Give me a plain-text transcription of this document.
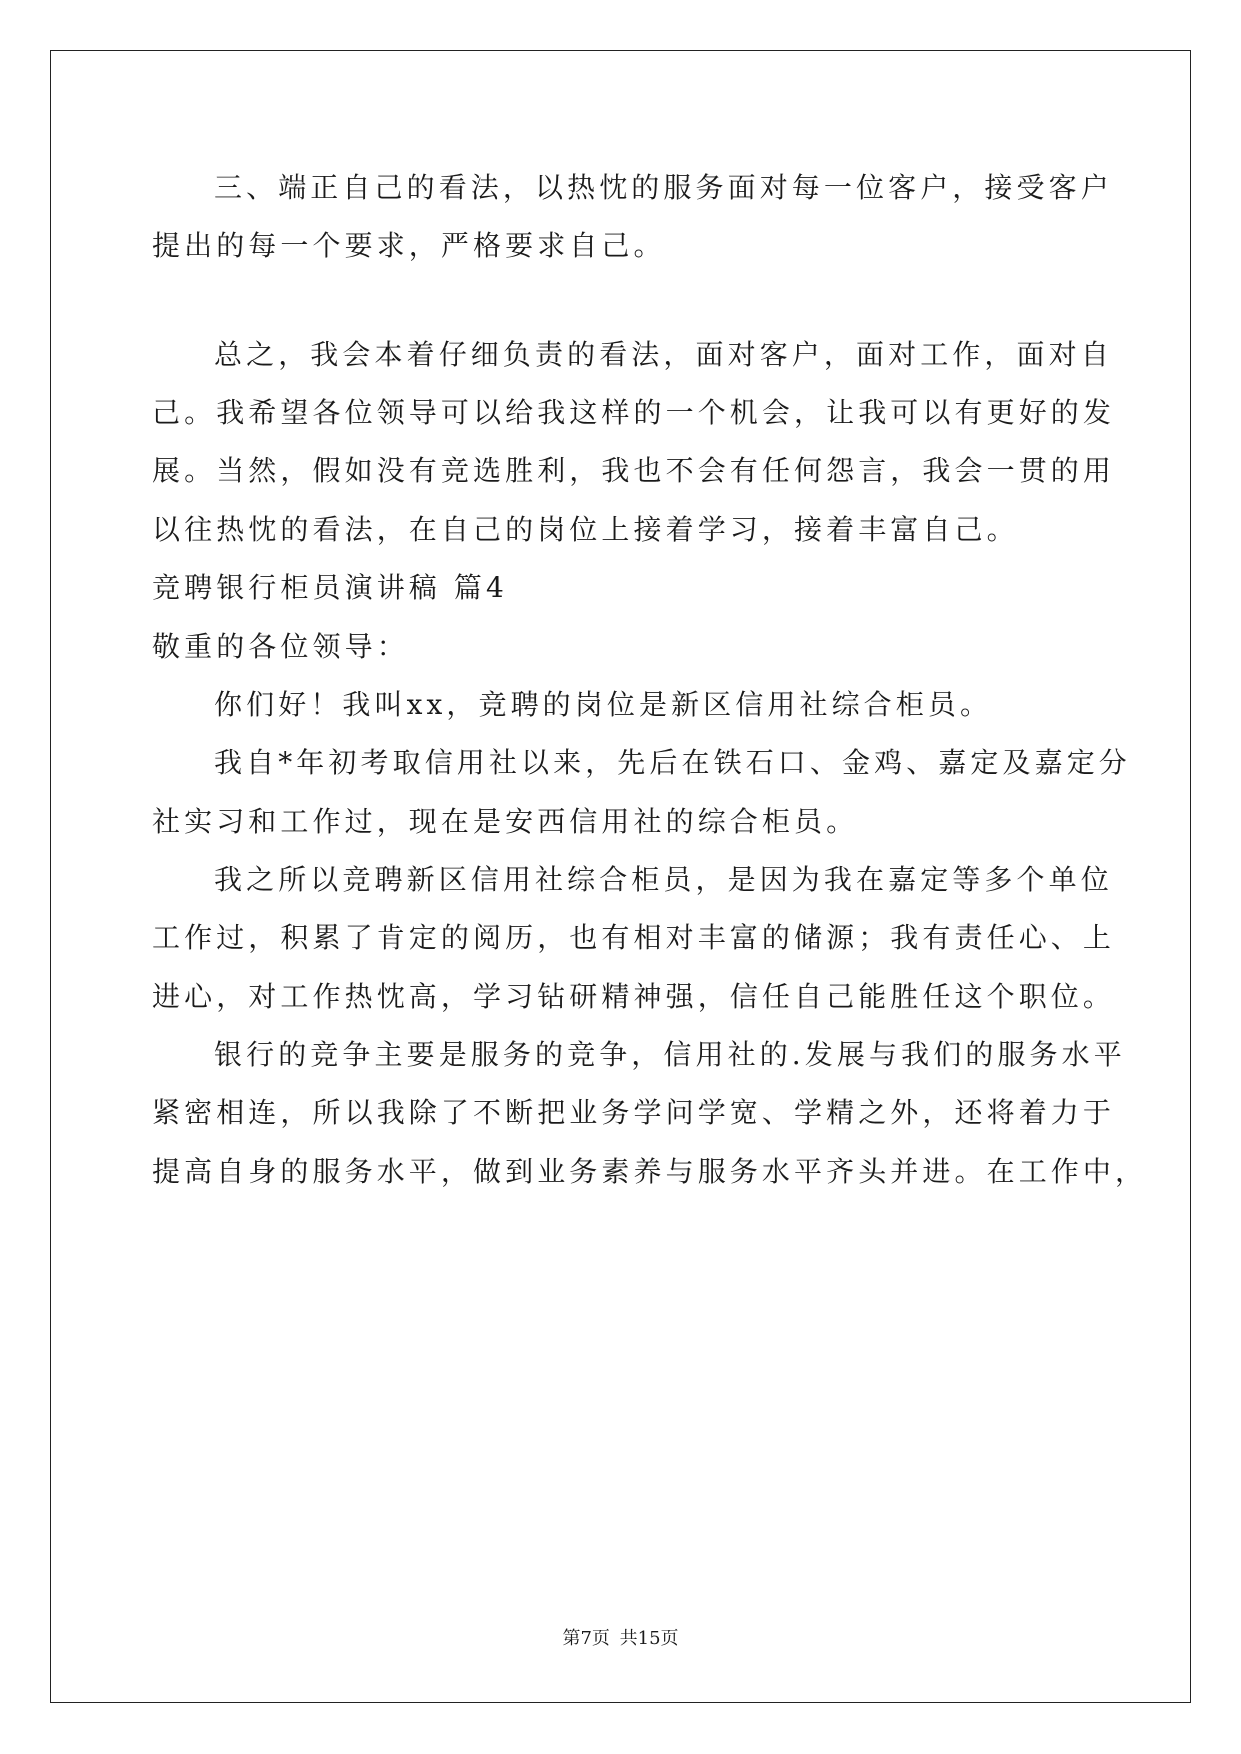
三、端正自己的看法，以热忱的服务面对每一位客户，接受客户
提出的每一个要求，严格要求自己。
总之，我会本着仔细负责的看法，面对客户，面对工作，面对自
己。我希望各位领导可以给我这样的一个机会，让我可以有更好的发
展。当然，假如没有竞选胜利，我也不会有任何怨言，我会一贯的用
以往热忱的看法，在自己的岗位上接着学习，接着丰富自己。
竞聘银行柜员演讲稿 篇4
敬重的各位领导：
你们好！我叫xx，竞聘的岗位是新区信用社综合柜员。
我自*年初考取信用社以来，先后在铁石口、金鸡、嘉定及嘉定分
社实习和工作过，现在是安西信用社的综合柜员。
我之所以竞聘新区信用社综合柜员，是因为我在嘉定等多个单位
工作过，积累了肯定的阅历，也有相对丰富的储源；我有责任心、上
进心，对工作热忱高，学习钻研精神强，信任自己能胜任这个职位。
银行的竞争主要是服务的竞争，信用社的.发展与我们的服务水平
紧密相连，所以我除了不断把业务学问学宽、学精之外，还将着力于
提高自身的服务水平，做到业务素养与服务水平齐头并进。在工作中，
第7页 共15页
